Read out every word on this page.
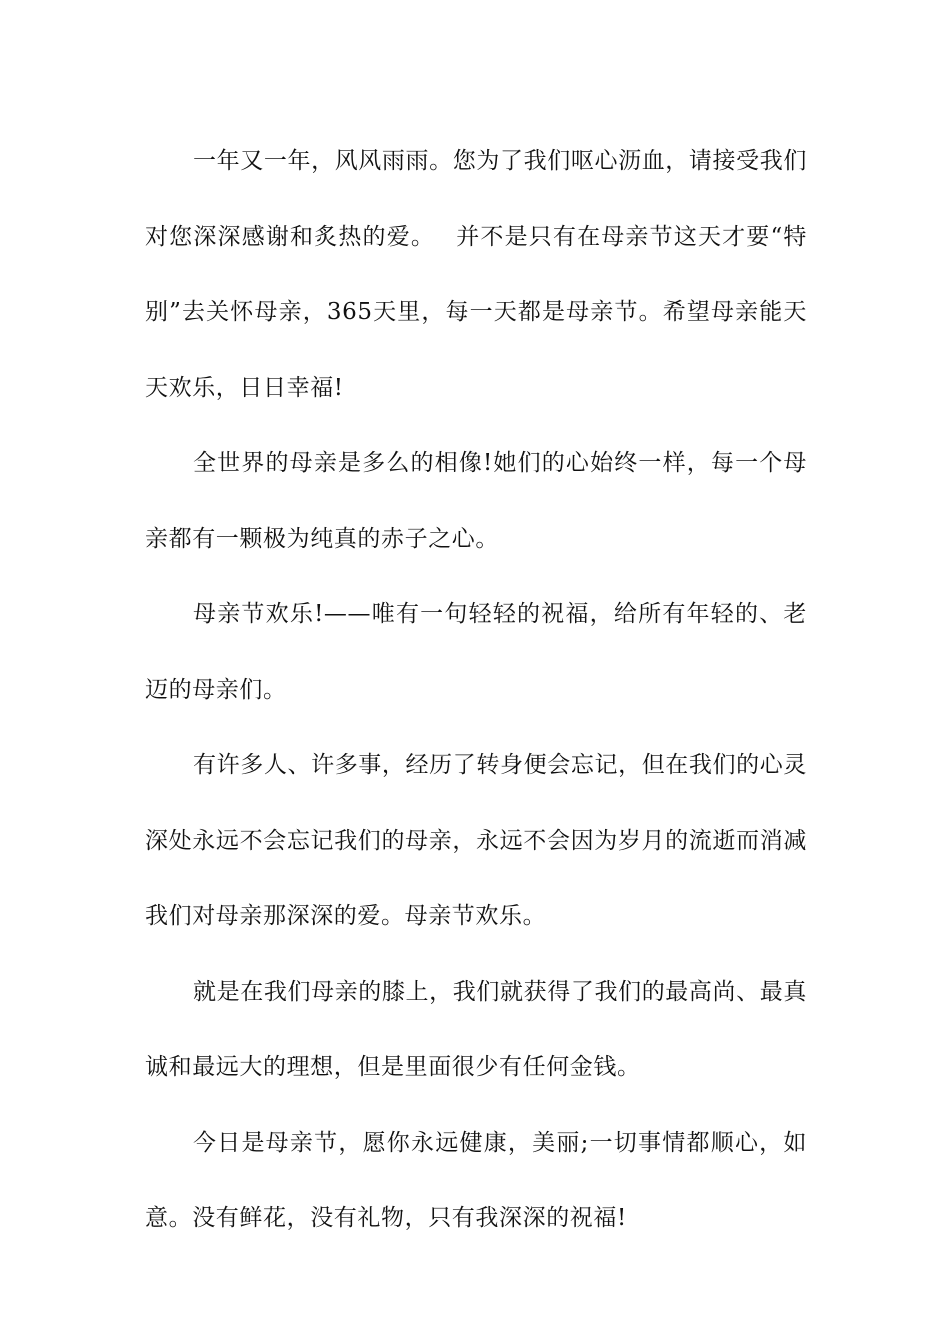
一年又一年，风风雨雨。您为了我们呕心沥血，请接受我们对您深深感谢和炙热的爱。　 并不是只有在母亲节这天才要“特别”去关怀母亲，365天里，每一天都是母亲节。希望母亲能天天欢乐，日日幸福!

全世界的母亲是多么的相像!她们的心始终一样，每一个母亲都有一颗极为纯真的赤子之心。

母亲节欢乐!——唯有一句轻轻的祝福，给所有年轻的、老迈的母亲们。

有许多人、许多事，经历了转身便会忘记，但在我们的心灵深处永远不会忘记我们的母亲，永远不会因为岁月的流逝而消减我们对母亲那深深的爱。母亲节欢乐。

就是在我们母亲的膝上，我们就获得了我们的最高尚、最真诚和最远大的理想，但是里面很少有任何金钱。

今日是母亲节，愿你永远健康，美丽;一切事情都顺心，如意。没有鲜花，没有礼物，只有我深深的祝福!
